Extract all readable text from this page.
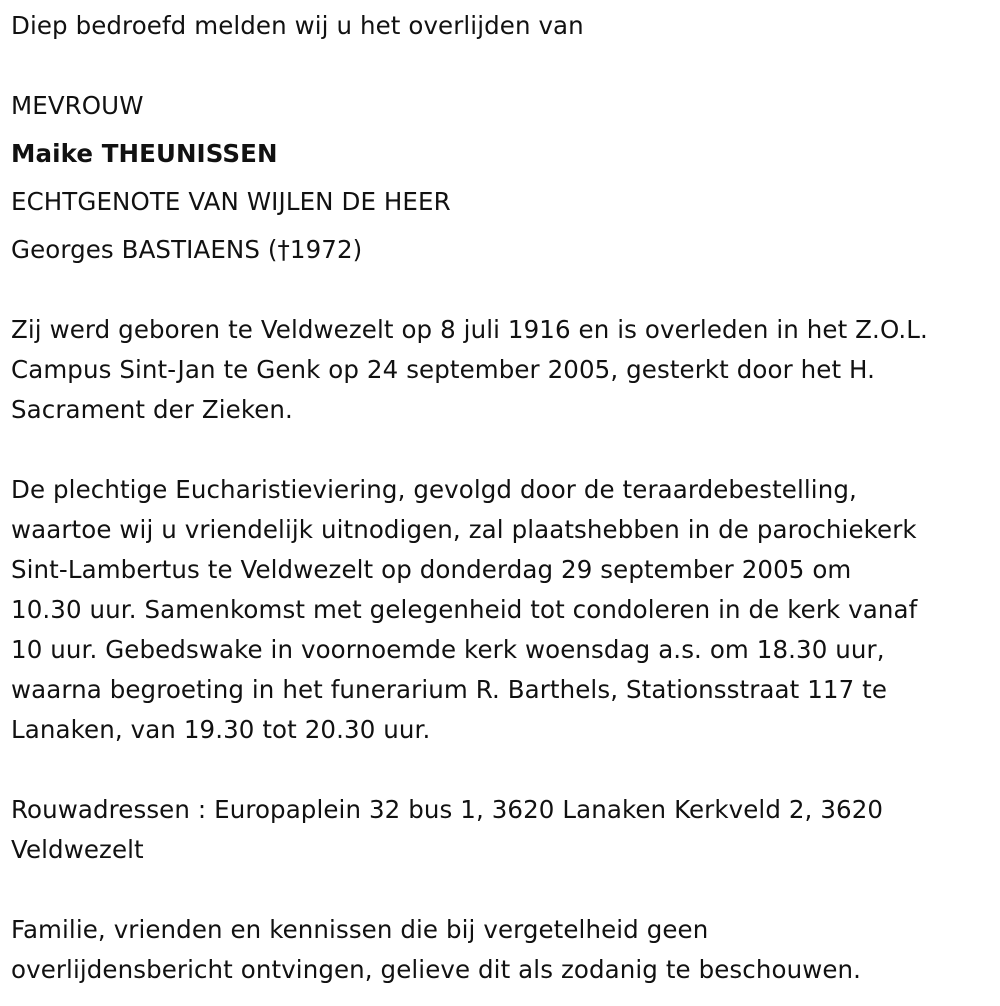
Diep bedroefd melden wij u het overlijden van
MEVROUW
Maike THEUNISSEN
ECHTGENOTE VAN WIJLEN DE HEER
Georges BASTIAENS (†1972)
Zij werd geboren te Veldwezelt op 8 juli 1916 en is overleden in het Z.O.L.
Campus Sint-Jan te Genk op 24 september 2005, gesterkt door het H.
Sacrament der Zieken.
De plechtige Eucharistieviering, gevolgd door de teraardebestelling,
waartoe wij u vriendelijk uitnodigen, zal plaatshebben in de parochiekerk
Sint-Lambertus te Veldwezelt op donderdag 29 september 2005 om
10.30 uur. Samenkomst met gelegenheid tot condoleren in de kerk vanaf
10 uur. Gebedswake in voornoemde kerk woensdag a.s. om 18.30 uur,
waarna begroeting in het funerarium R. Barthels, Stationsstraat 117 te
Lanaken, van 19.30 tot 20.30 uur.
Rouwadressen : Europaplein 32 bus 1, 3620 Lanaken Kerkveld 2, 3620
Veldwezelt
Familie, vrienden en kennissen die bij vergetelheid geen
overlijdensbericht ontvingen, gelieve dit als zodanig te beschouwen.
